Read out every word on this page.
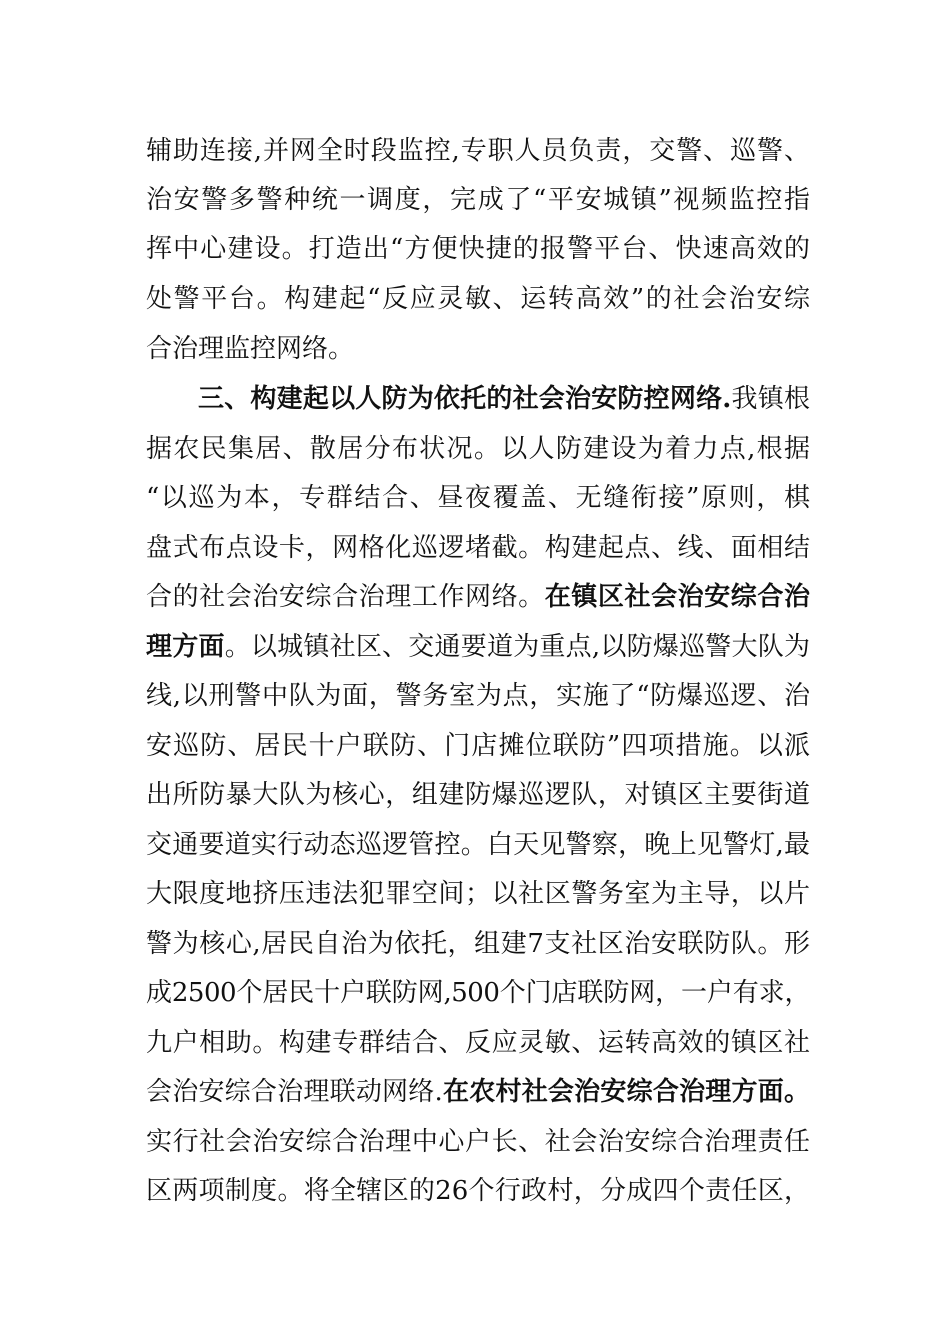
辅助连接,并网全时段监控,专职人员负责，交警、巡警、
治安警多警种统一调度，完成了“平安城镇”视频监控指
挥中心建设。打造出“方便快捷的报警平台、快速高效的
处警平台。构建起“反应灵敏、运转高效”的社会治安综
合治理监控网络。
三、构建起以人防为依托的社会治安防控网络.我镇根
据农民集居、散居分布状况。以人防建设为着力点,根据
“以巡为本，专群结合、昼夜覆盖、无缝衔接”原则，棋
盘式布点设卡，网格化巡逻堵截。构建起点、线、面相结
合的社会治安综合治理工作网络。在镇区社会治安综合治
理方面。以城镇社区、交通要道为重点,以防爆巡警大队为
线,以刑警中队为面，警务室为点，实施了“防爆巡逻、治
安巡防、居民十户联防、门店摊位联防”四项措施。以派
出所防暴大队为核心，组建防爆巡逻队，对镇区主要街道
交通要道实行动态巡逻管控。白天见警察，晚上见警灯,最
大限度地挤压违法犯罪空间；以社区警务室为主导，以片
警为核心,居民自治为依托，组建7支社区治安联防队。形
成2500个居民十户联防网,500个门店联防网，一户有求，
九户相助。构建专群结合、反应灵敏、运转高效的镇区社
会治安综合治理联动网络.在农村社会治安综合治理方面。
实行社会治安综合治理中心户长、社会治安综合治理责任
区两项制度。将全辖区的26个行政村，分成四个责任区，
